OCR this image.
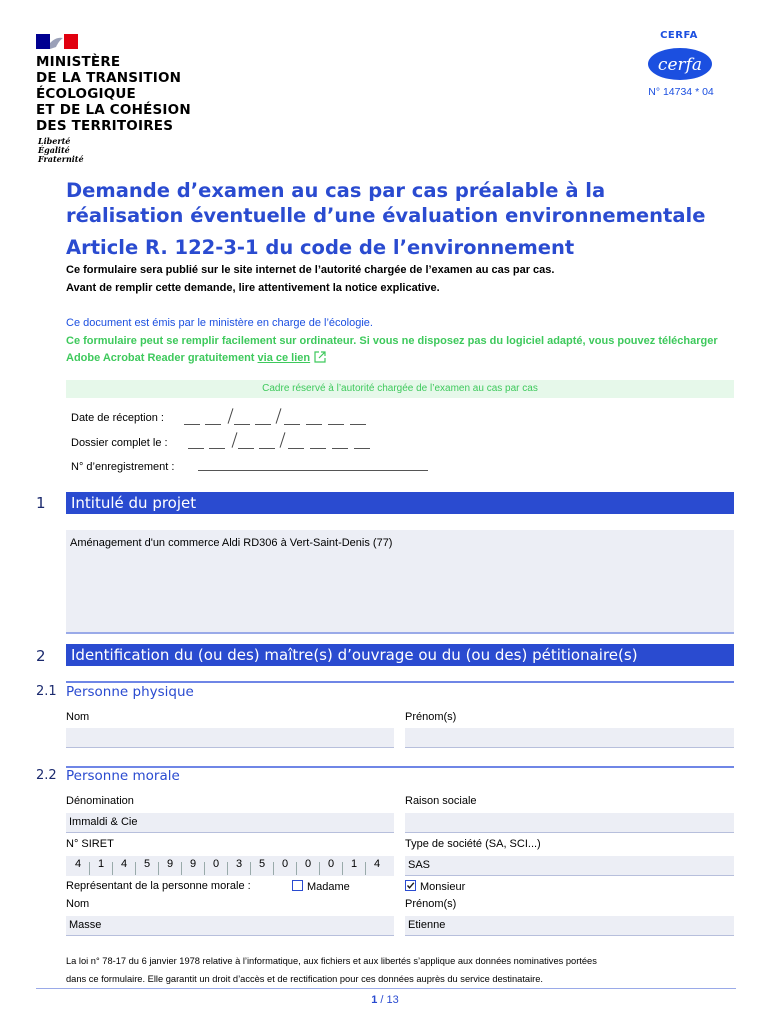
MINISTÈRE
DE LA TRANSITION
ÉCOLOGIQUE
ET DE LA COHÉSION
DES TERRITOIRES
Liberté
Égalité
Fraternité
CERFA
cerfa
N° 14734 * 04
Demande d’examen au cas par cas préalable à la
réalisation éventuelle d’une évaluation environnementale
Article R. 122-3-1 du code de l’environnement
Ce formulaire sera publié sur le site internet de l’autorité chargée de l’examen au cas par cas.
Avant de remplir cette demande, lire attentivement la notice explicative.
Ce document est émis par le ministère en charge de l’écologie.
Ce formulaire peut se remplir facilement sur ordinateur. Si vous ne disposez pas du logiciel adapté, vous pouvez télécharger Adobe Acrobat Reader gratuitement via ce lien
Cadre réservé à l’autorité chargée de l’examen au cas par cas
Date de réception :
Dossier complet le :
N° d’enregistrement :
1	Intitulé du projet
Aménagement d'un commerce Aldi RD306 à Vert-Saint-Denis (77)
2	Identification du (ou des) maître(s) d’ouvrage ou du (ou des) pétitionaire(s)
2.1 Personne physique
Nom	Prénom(s)
2.2 Personne morale
Dénomination	Raison sociale
Immaldi & Cie
N° SIRET	Type de société (SA, SCI...)
4	1	4	5	9	9	0	3	5	0	0	0	1	4	SAS
Représentant de la personne morale :	Madame	Monsieur
Nom	Prénom(s)
Masse	Etienne
La loi n° 78-17 du 6 janvier 1978 relative à l’informatique, aux fichiers et aux libertés s’applique aux données nominatives portées
dans ce formulaire. Elle garantit un droit d’accès et de rectification pour ces données auprès du service destinataire.
1 / 13
